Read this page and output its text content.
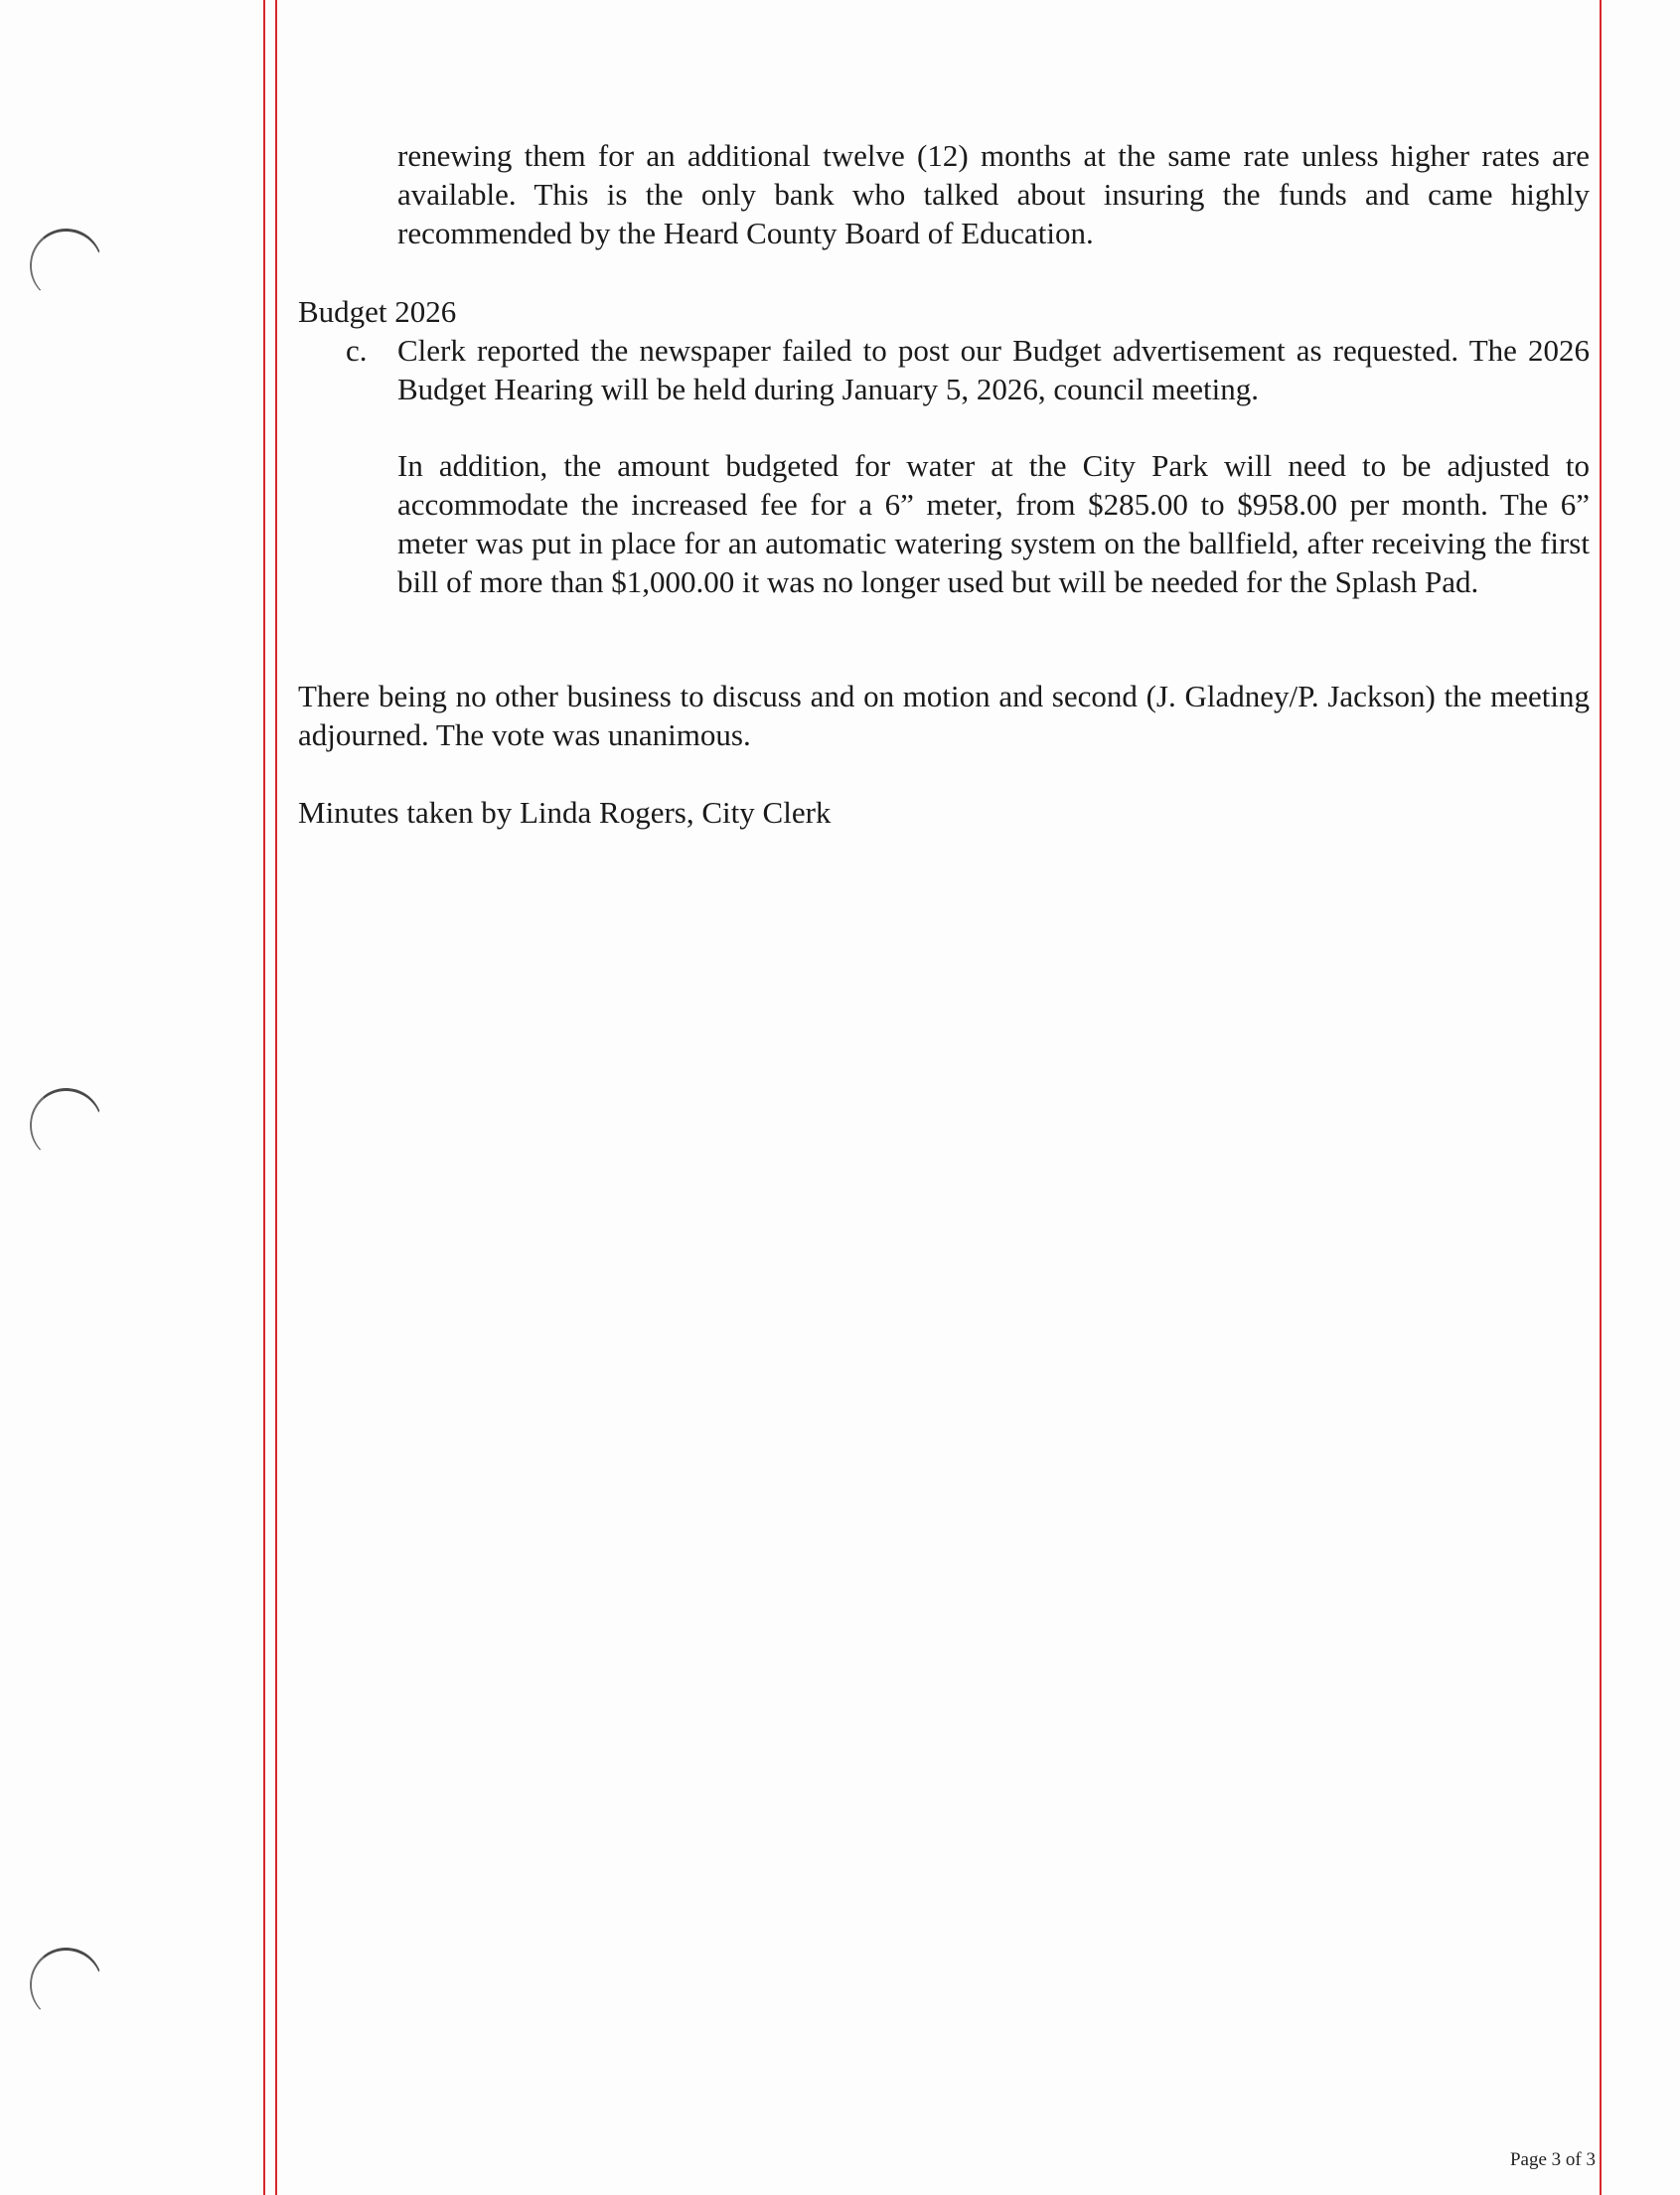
renewing them for an additional twelve (12) months at the same rate unless higher rates are available. This is the only bank who talked about insuring the funds and came highly recommended by the Heard County Board of Education.
Budget 2026
c. Clerk reported the newspaper failed to post our Budget advertisement as requested. The 2026 Budget Hearing will be held during January 5, 2026, council meeting.
In addition, the amount budgeted for water at the City Park will need to be adjusted to accommodate the increased fee for a 6” meter, from $285.00 to $958.00 per month. The 6” meter was put in place for an automatic watering system on the ballfield, after receiving the first bill of more than $1,000.00 it was no longer used but will be needed for the Splash Pad.
There being no other business to discuss and on motion and second (J. Gladney/P. Jackson) the meeting adjourned. The vote was unanimous.
Minutes taken by Linda Rogers, City Clerk
Page 3 of 3
